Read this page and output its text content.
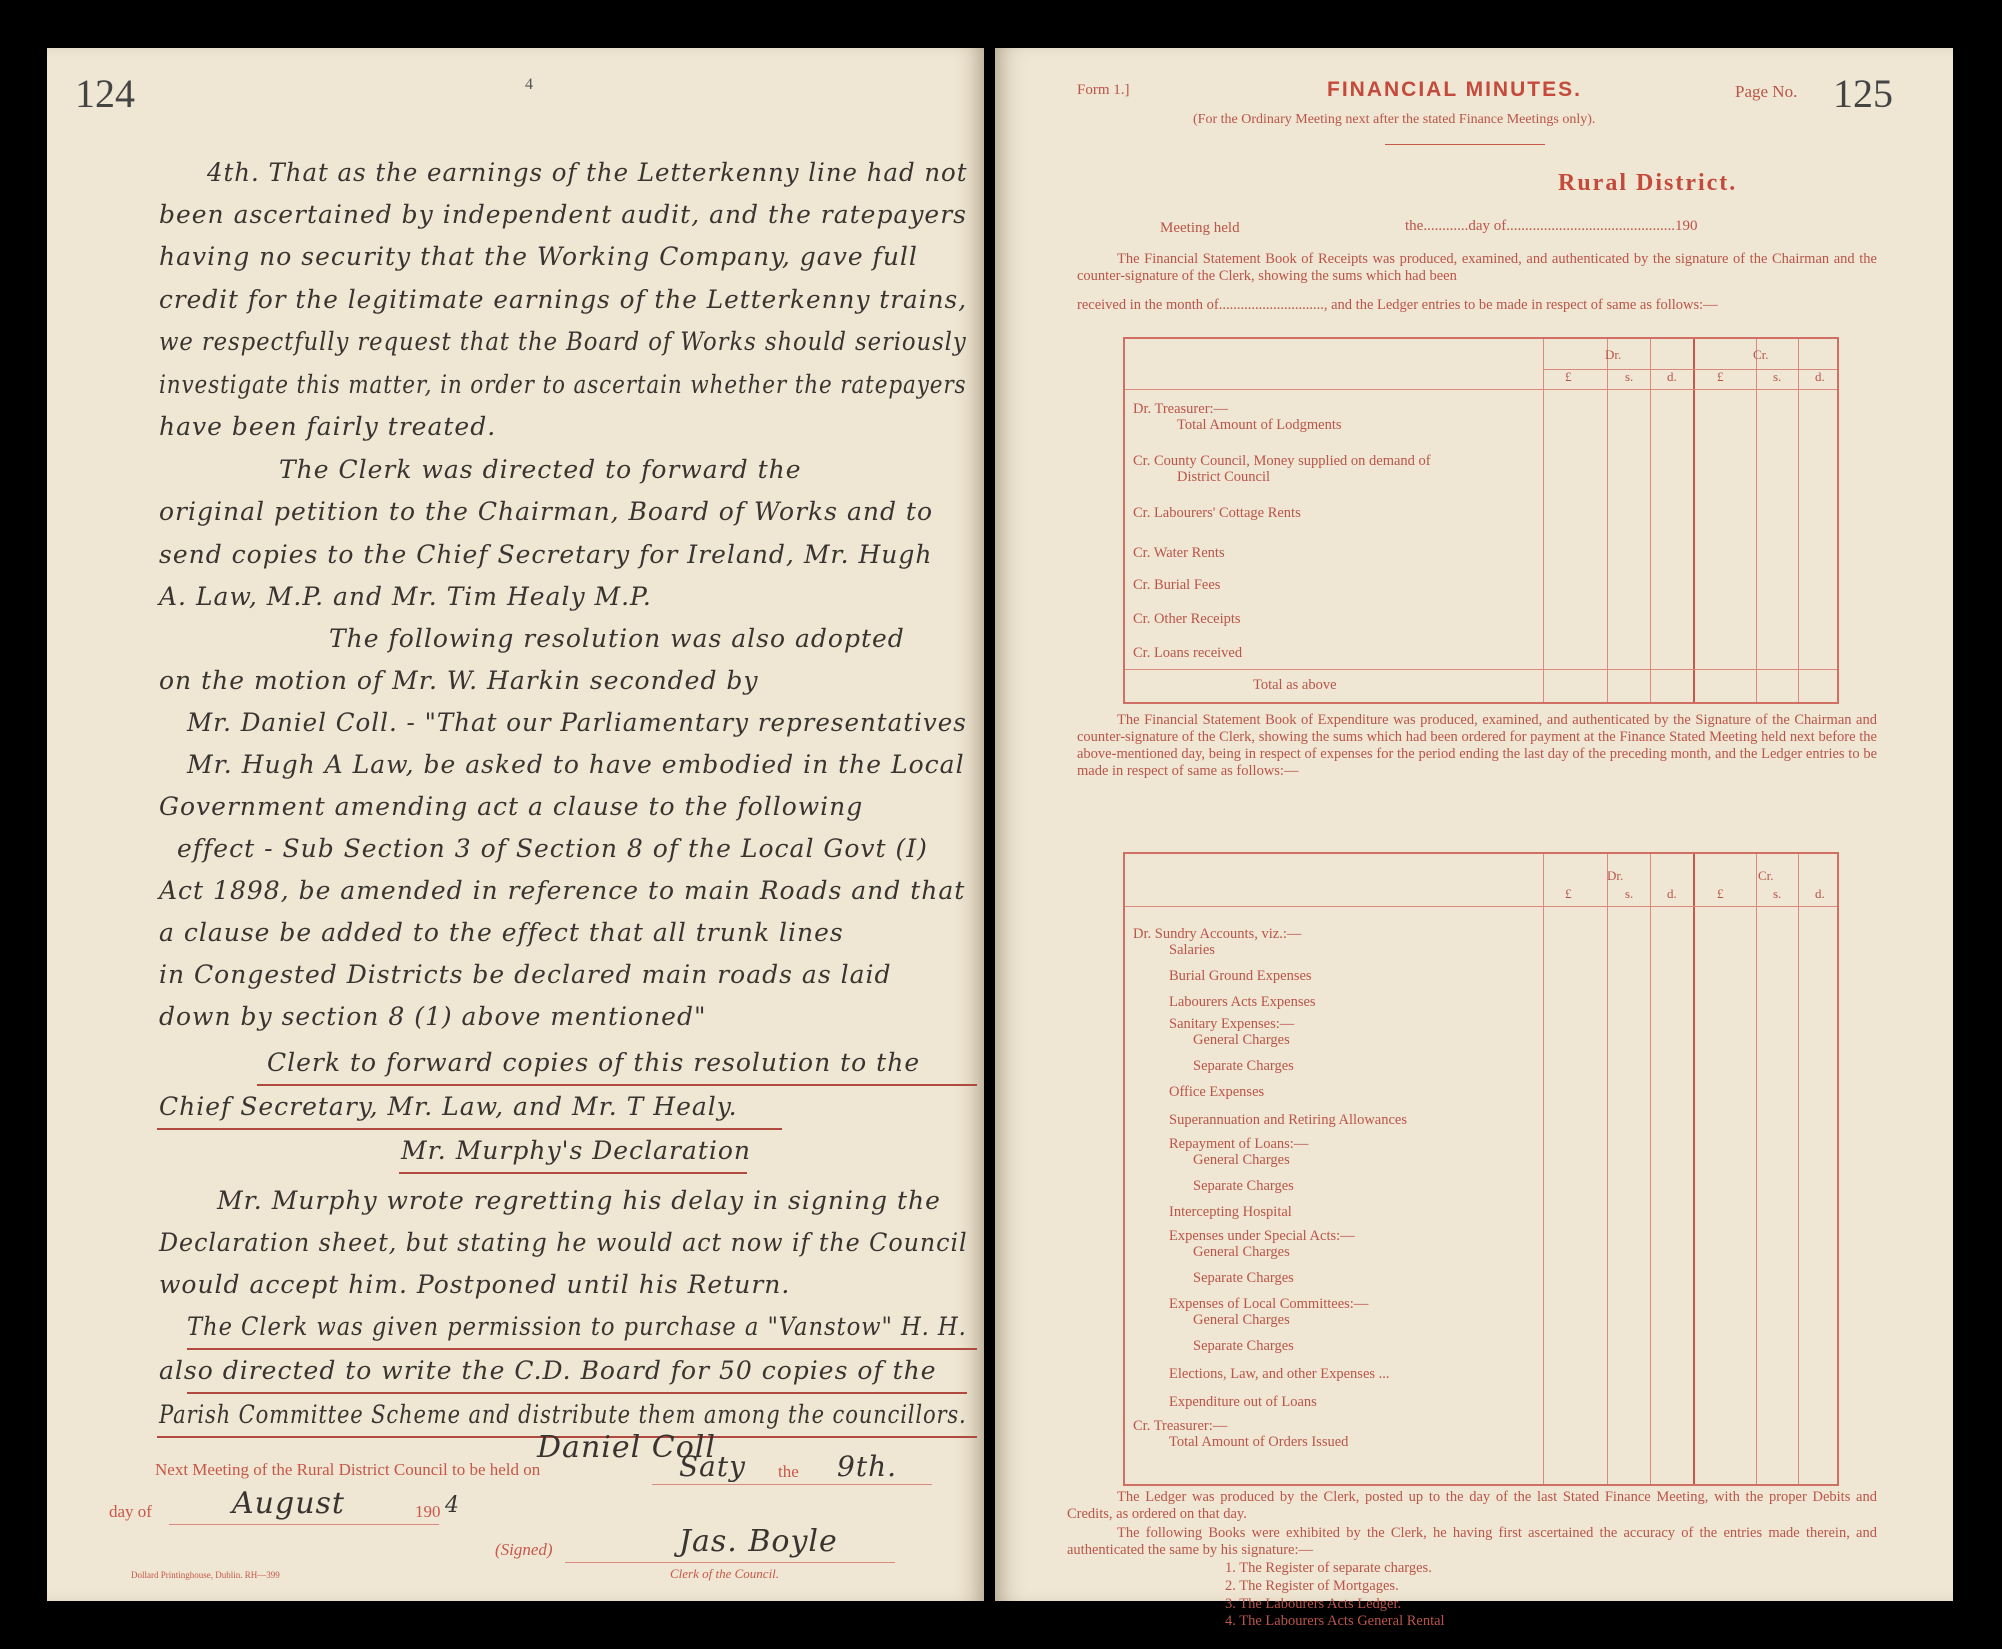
124	4
4th. That as the earnings of the Letterkenny line had not
been ascertained by independent audit, and the ratepayers
having no security that the Working Company, gave full
credit for the legitimate earnings of the Letterkenny trains,
we respectfully request that the Board of Works should seriously
investigate this matter, in order to ascertain whether the ratepayers
have been fairly treated.
The Clerk was directed to forward the
original petition to the Chairman, Board of Works and to
send copies to the Chief Secretary for Ireland, Mr. Hugh
A. Law, M.P. and Mr. Tim Healy M.P.
The following resolution was also adopted
on the motion of Mr. W. Harkin seconded by
Mr. Daniel Coll. - "That our Parliamentary representatives
Mr. Hugh A Law, be asked to have embodied in the Local
Government amending act a clause to the following
effect - Sub Section 3 of Section 8 of the Local Govt (I)
Act 1898, be amended in reference to main Roads and that
a clause be added to the effect that all trunk lines
in Congested Districts be declared main roads as laid
down by section 8 (1) above mentioned"
Clerk to forward copies of this resolution to the
Chief Secretary, Mr. Law, and Mr. T Healy.
Mr. Murphy's Declaration
Mr. Murphy wrote regretting his delay in signing the
Declaration sheet, but stating he would act now if the Council
would accept him. Postponed until his Return.
The Clerk was given permission to purchase a "Vanstow" H. H.
also directed to write the C.D. Board for 50 copies of the
Parish Committee Scheme and distribute them among the councillors.
Daniel Coll
Next Meeting of the Rural District Council to be held on	Saty the 9th.
day of	August	190 4
(Signed)	Jas. Boyle
Clerk of the Council.
Dollard Printinghouse, Dublin. RH—399
Form 1.]	FINANCIAL MINUTES.	Page No. 125
(For the Ordinary Meeting next after the stated Finance Meetings only).
Rural District.
Meeting held	the............day of.............................................190
The Financial Statement Book of Receipts was produced, examined, and authenticated by the signature of the Chairman and the counter-signature of the Clerk, showing the sums which had been
received in the month of............................., and the Ledger entries to be made in respect of same as follows:—
Dr.	Cr.
£	s.	d.	£	s.	d.
Dr. Treasurer:—
Total Amount of Lodgments
Cr. County Council, Money supplied on demand of
District Council
Cr. Labourers' Cottage Rents
Cr. Water Rents
Cr. Burial Fees
Cr. Other Receipts
Cr. Loans received
Total as above
The Financial Statement Book of Expenditure was produced, examined, and authenticated by the Signature of the Chairman and counter-signature of the Clerk, showing the sums which had been ordered for payment at the Finance Stated Meeting held next before the above-mentioned day, being in respect of expenses for the period ending the last day of the preceding month, and the Ledger entries to be made in respect of same as follows:—
Dr.	Cr.
£	s.	d.	£	s.	d.
Dr. Sundry Accounts, viz.:—
Salaries
Burial Ground Expenses
Labourers Acts Expenses
Sanitary Expenses:—
General Charges
Separate Charges
Office Expenses
Superannuation and Retiring Allowances
Repayment of Loans:—
General Charges
Separate Charges
Intercepting Hospital
Expenses under Special Acts:—
General Charges
Separate Charges
Expenses of Local Committees:—
General Charges
Separate Charges
Elections, Law, and other Expenses ...
Expenditure out of Loans
Cr. Treasurer:—
Total Amount of Orders Issued
The Ledger was produced by the Clerk, posted up to the day of the last Stated Finance Meeting, with the proper Debits and Credits, as ordered on that day.
The following Books were exhibited by the Clerk, he having first ascertained the accuracy of the entries made therein, and authenticated the same by his signature:—
1. The Register of separate charges.
2. The Register of Mortgages.
3. The Labourers Acts Ledger.
4. The Labourers Acts General Rental
